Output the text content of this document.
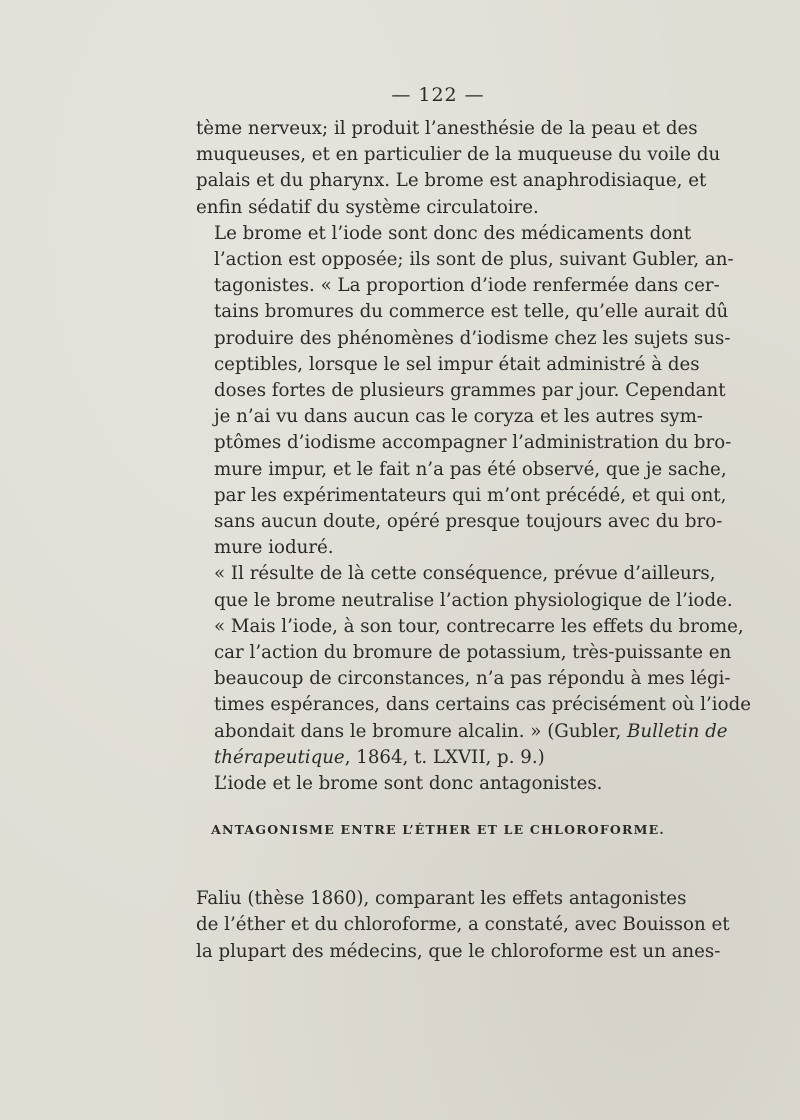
— 122 —

tème nerveux; il produit l’anesthésie de la peau et des
muqueuses, et en particulier de la muqueuse du voile du
palais et du pharynx. Le brome est anaphrodisiaque, et
enfin sédatif du système circulatoire.

Le brome et l’iode sont donc des médicaments dont
l’action est opposée; ils sont de plus, suivant Gubler, an-
tagonistes. « La proportion d’iode renfermée dans cer-
tains bromures du commerce est telle, qu’elle aurait dû
produire des phénomènes d’iodisme chez les sujets sus-
ceptibles, lorsque le sel impur était administré à des
doses fortes de plusieurs grammes par jour. Cependant
je n’ai vu dans aucun cas le coryza et les autres sym-
ptômes d’iodisme accompagner l’administration du bro-
mure impur, et le fait n’a pas été observé, que je sache,
par les expérimentateurs qui m’ont précédé, et qui ont,
sans aucun doute, opéré presque toujours avec du bro-
mure ioduré.

« Il résulte de là cette conséquence, prévue d’ailleurs,
que le brome neutralise l’action physiologique de l’iode.

« Mais l’iode, à son tour, contrecarre les effets du brome,
car l’action du bromure de potassium, très-puissante en
beaucoup de circonstances, n’a pas répondu à mes légi-
times espérances, dans certains cas précisément où l’iode
abondait dans le bromure alcalin. » (Gubler, Bulletin de
thérapeutique, 1864, t. LXVII, p. 9.)

L’iode et le brome sont donc antagonistes.

ANTAGONISME ENTRE L’ÉTHER ET LE CHLOROFORME.

Faliu (thèse 1860), comparant les effets antagonistes
de l’éther et du chloroforme, a constaté, avec Bouisson et
la plupart des médecins, que le chloroforme est un anes-
